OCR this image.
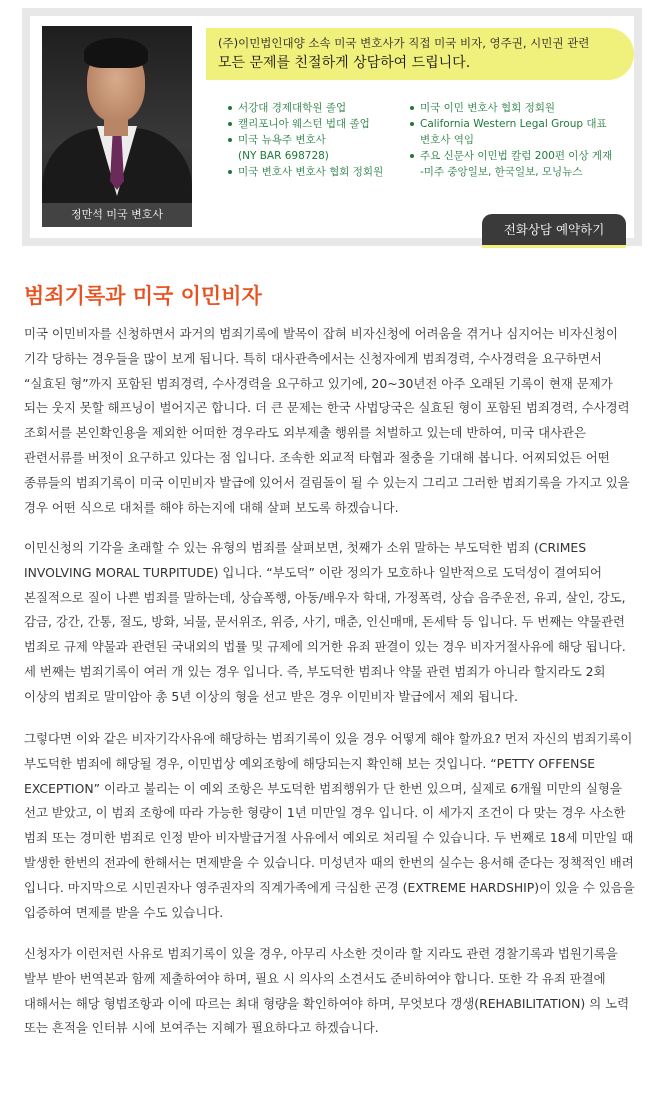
정만석 미국 변호사
(주)이민법인대양 소속 미국 변호사가 직접 미국 비자, 영주권, 시민권 관련
모든 문제를 친절하게 상담하여 드립니다.
서강대 경제대학원 졸업
캘리포니아 웨스턴 법대 졸업
미국 뉴욕주 변호사
(NY BAR 698728)
미국 변호사 변호사 협회 정회원
미국 이민 변호사 협회 정회원
California Western Legal Group 대표
변호사 역임
주요 신문사 이민법 칼럼 200편 이상 게재
-미주 중앙일보, 한국일보, 모닝뉴스
전화상담 예약하기
범죄기록과 미국 이민비자
미국 이민비자를 신청하면서 과거의 범죄기록에 발목이 잡혀 비자신청에 어려움을 겪거나 심지어는 비자신청이
기각 당하는 경우들을 많이 보게 됩니다. 특히 대사관측에서는 신청자에게 범죄경력, 수사경력을 요구하면서
“실효된 형”까지 포함된 범죄경력, 수사경력을 요구하고 있기에, 20~30년전 아주 오래된 기록이 현재 문제가
되는 웃지 못할 해프닝이 벌어지곤 합니다. 더 큰 문제는 한국 사법당국은 실효된 형이 포함된 범죄경력, 수사경력
조회서를 본인확인용을 제외한 어떠한 경우라도 외부제출 행위를 처벌하고 있는데 반하여, 미국 대사관은
관련서류를 버젓이 요구하고 있다는 점 입니다. 조속한 외교적 타협과 절충을 기대해 봅니다. 어찌되었든 어떤
종류들의 범죄기록이 미국 이민비자 발급에 있어서 걸림돌이 될 수 있는지 그리고 그러한 범죄기록을 가지고 있을
경우 어떤 식으로 대처를 해야 하는지에 대해 살펴 보도록 하겠습니다.
이민신청의 기각을 초래할 수 있는 유형의 범죄를 살펴보면, 첫째가 소위 말하는 부도덕한 범죄 (CRIMES
INVOLVING MORAL TURPITUDE) 입니다. “부도덕” 이란 정의가 모호하나 일반적으로 도덕성이 결여되어
본질적으로 질이 나쁜 범죄를 말하는데, 상습폭행, 아동/배우자 학대, 가정폭력, 상습 음주운전, 유괴, 살인, 강도,
감금, 강간, 간통, 절도, 방화, 뇌물, 문서위조, 위증, 사기, 매춘, 인신매매, 돈세탁 등 입니다. 두 번째는 약물관련
범죄로 규제 약물과 관련된 국내외의 법률 및 규제에 의거한 유죄 판결이 있는 경우 비자거절사유에 해당 됩니다.
세 번째는 범죄기록이 여러 개 있는 경우 입니다. 즉, 부도덕한 범죄나 약물 관련 범죄가 아니라 할지라도 2회
이상의 범죄로 말미암아 총 5년 이상의 형을 선고 받은 경우 이민비자 발급에서 제외 됩니다.
그렇다면 이와 같은 비자기각사유에 해당하는 범죄기록이 있을 경우 어떻게 해야 할까요? 먼저 자신의 범죄기록이
부도덕한 범죄에 해당될 경우, 이민법상 예외조항에 해당되는지 확인해 보는 것입니다. “PETTY OFFENSE
EXCEPTION” 이라고 불리는 이 예외 조항은 부도덕한 범죄행위가 단 한번 있으며, 실제로 6개월 미만의 실형을
선고 받았고, 이 범죄 조항에 따라 가능한 형량이 1년 미만일 경우 입니다. 이 세가지 조건이 다 맞는 경우 사소한
범죄 또는 경미한 범죄로 인정 받아 비자발급거절 사유에서 예외로 처리될 수 있습니다. 두 번째로 18세 미만일 때
발생한 한번의 전과에 한해서는 면제받을 수 있습니다. 미성년자 때의 한번의 실수는 용서해 준다는 정책적인 배려
입니다. 마지막으로 시민권자나 영주권자의 직계가족에게 극심한 곤경 (EXTREME HARDSHIP)이 있을 수 있음을
입증하여 면제를 받을 수도 있습니다.
신청자가 이런저런 사유로 범죄기록이 있을 경우, 아무리 사소한 것이라 할 지라도 관련 경찰기록과 법원기록을
발부 받아 번역본과 함께 제출하여야 하며, 필요 시 의사의 소견서도 준비하여야 합니다. 또한 각 유죄 판결에
대해서는 해당 형법조항과 이에 따르는 최대 형량을 확인하여야 하며, 무엇보다 갱생(REHABILITATION) 의 노력
또는 흔적을 인터뷰 시에 보여주는 지혜가 필요하다고 하겠습니다.
